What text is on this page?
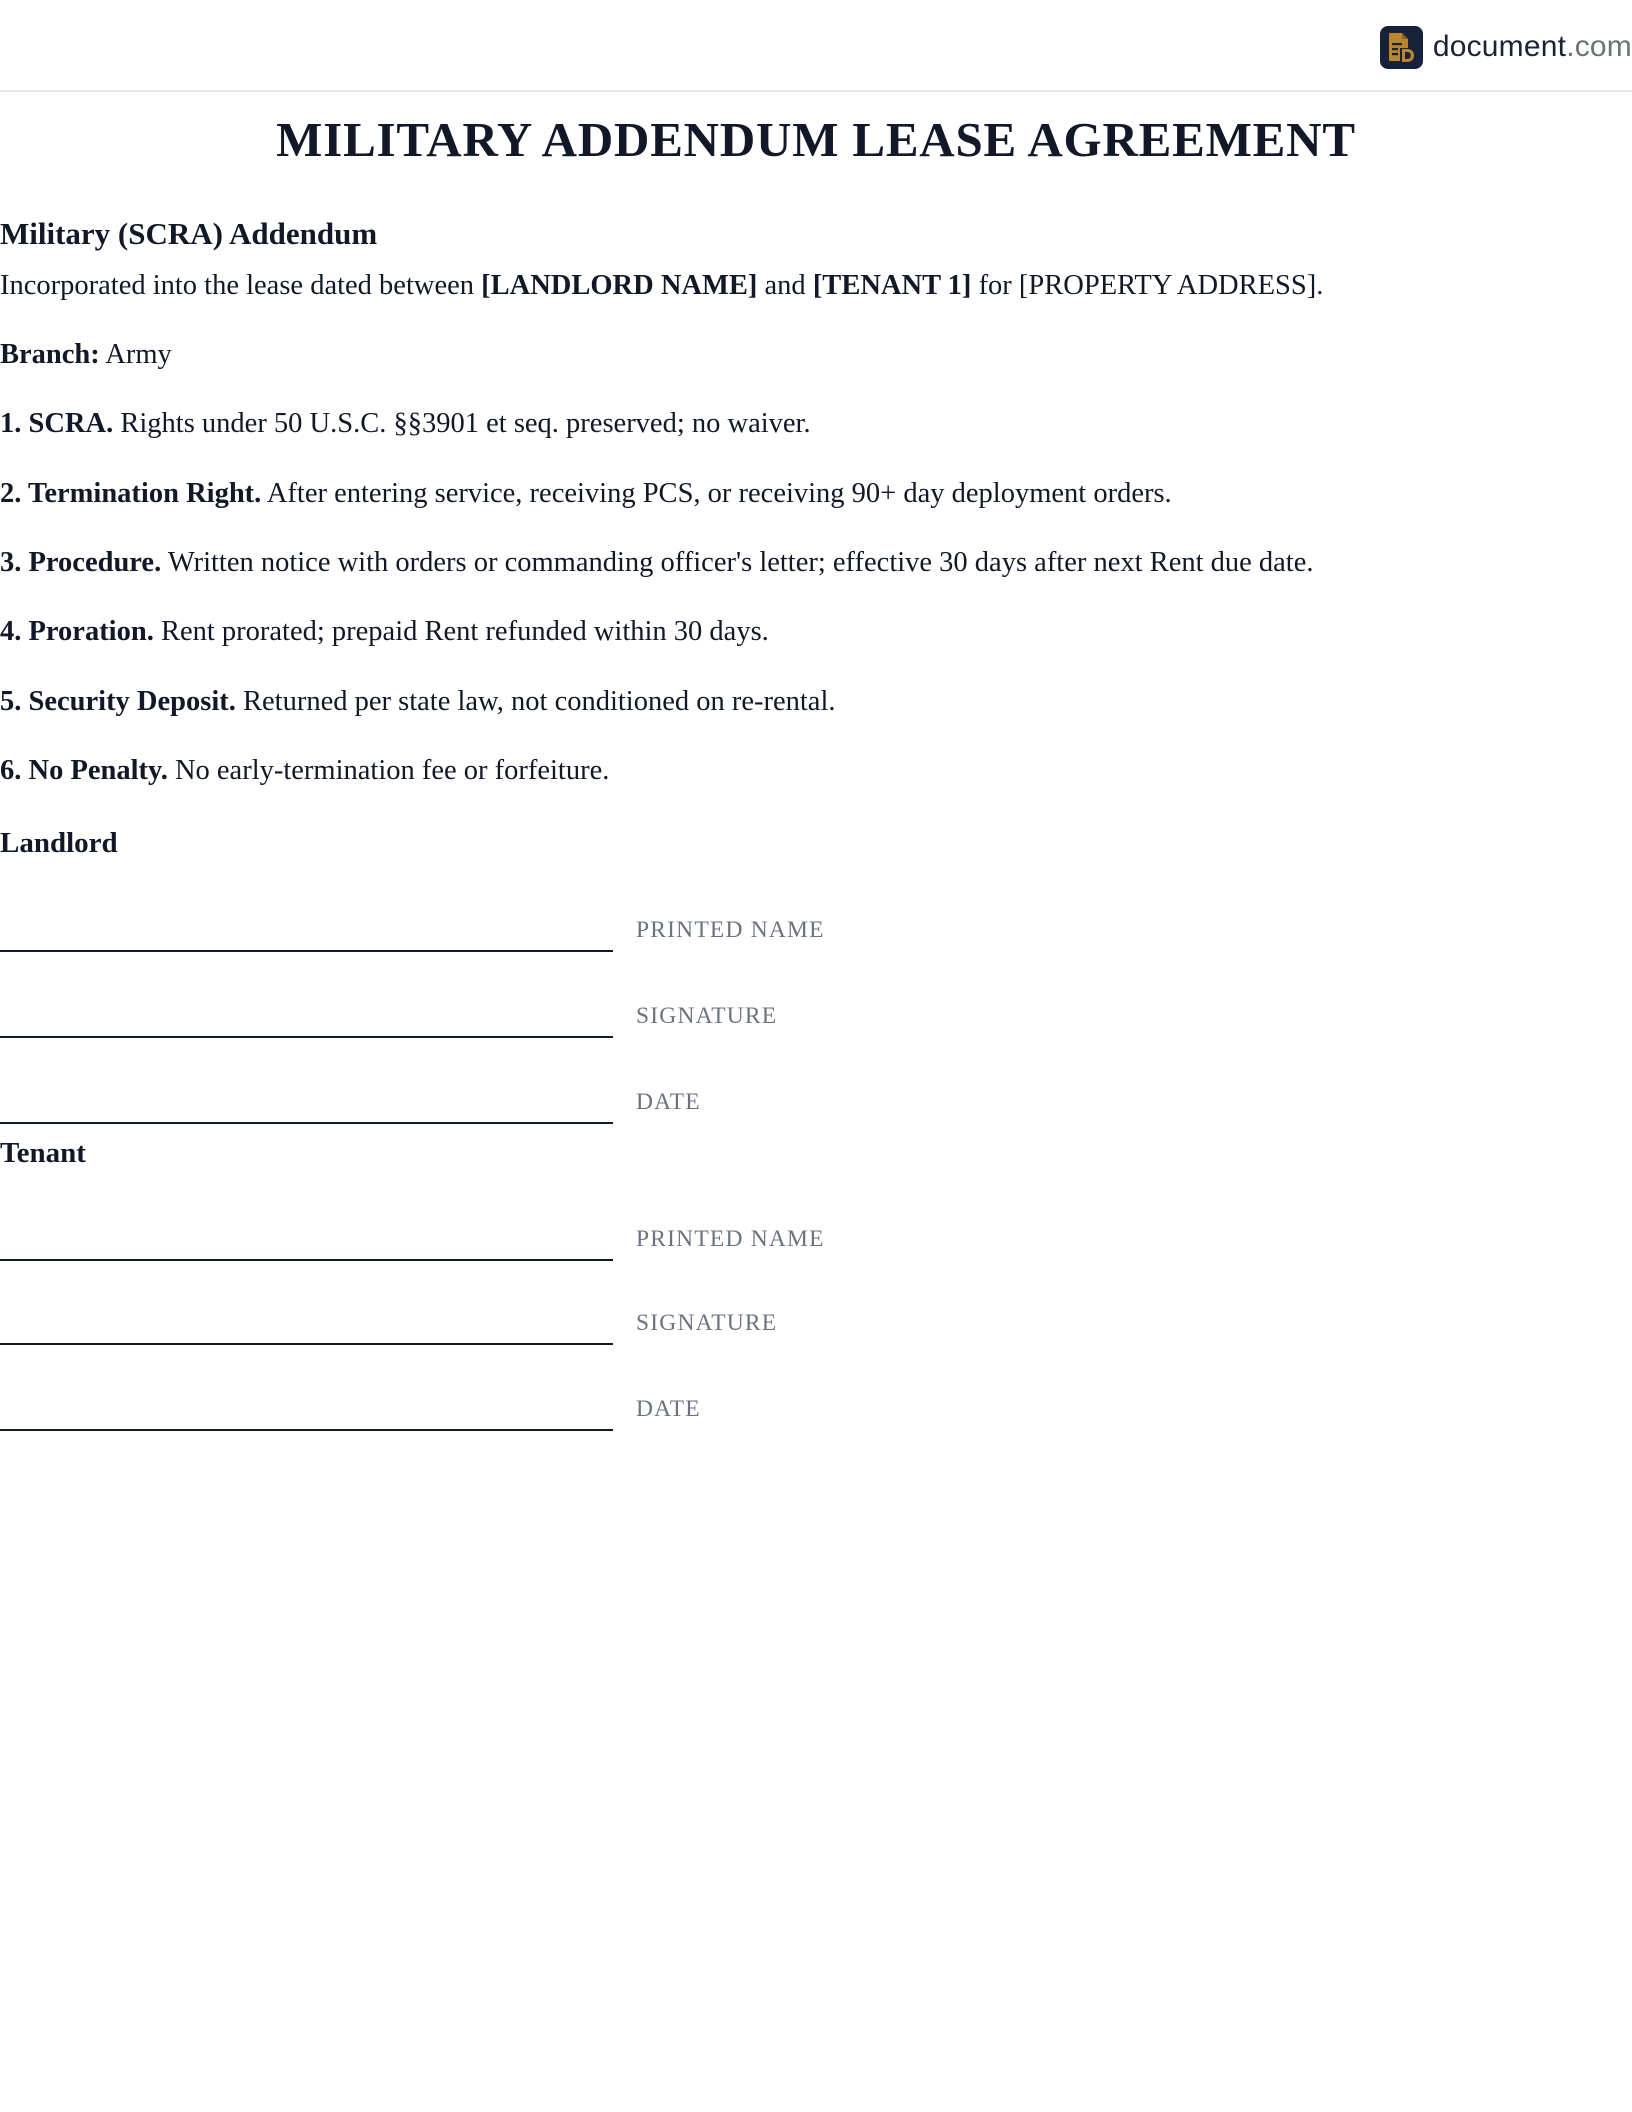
document.com
MILITARY ADDENDUM LEASE AGREEMENT
Military (SCRA) Addendum

Incorporated into the lease dated between [LANDLORD NAME] and [TENANT 1] for [PROPERTY ADDRESS].

Branch: Army

1. SCRA. Rights under 50 U.S.C. §§3901 et seq. preserved; no waiver.

2. Termination Right. After entering service, receiving PCS, or receiving 90+ day deployment orders.

3. Procedure. Written notice with orders or commanding officer's letter; effective 30 days after next Rent due date.

4. Proration. Rent prorated; prepaid Rent refunded within 30 days.

5. Security Deposit. Returned per state law, not conditioned on re-rental.

6. No Penalty. No early-termination fee or forfeiture.

Landlord
PRINTED NAME
SIGNATURE
DATE
Tenant
PRINTED NAME
SIGNATURE
DATE
